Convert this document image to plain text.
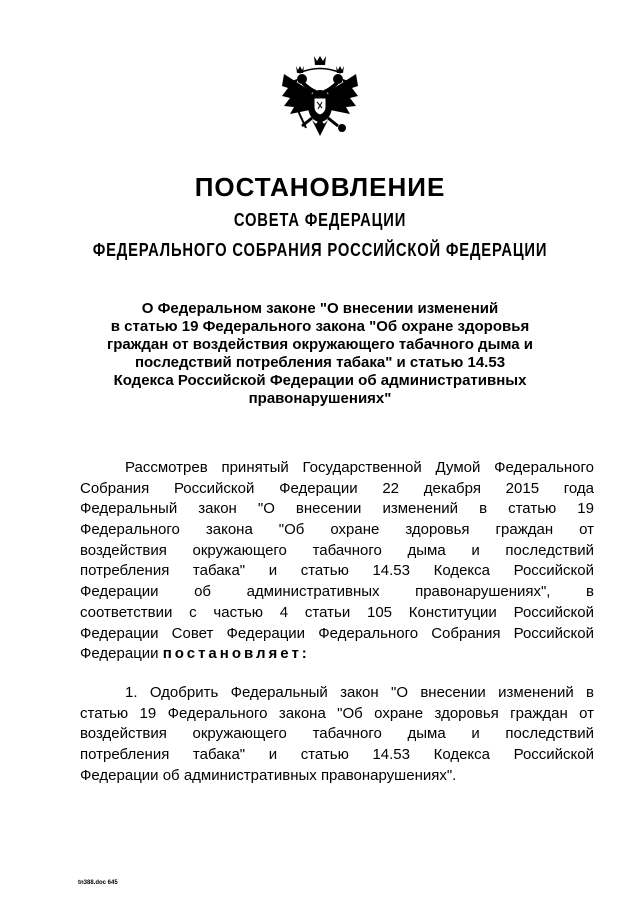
ПОСТАНОВЛЕНИЕ
СОВЕТА ФЕДЕРАЦИИ
ФЕДЕРАЛЬНОГО СОБРАНИЯ РОССИЙСКОЙ ФЕДЕРАЦИИ
О Федеральном законе "О внесении изменений
в статью 19 Федерального закона "Об охране здоровья
граждан от воздействия окружающего табачного дыма и
последствий потребления табака" и статью 14.53
Кодекса Российской Федерации об административных
правонарушениях"
Рассмотрев принятый Государственной Думой Федерального
Собрания Российской Федерации 22 декабря 2015 года
Федеральный закон "О внесении изменений в статью 19
Федерального закона "Об охране здоровья граждан от
воздействия окружающего табачного дыма и последствий
потребления табака" и статью 14.53 Кодекса Российской
Федерации об административных правонарушениях", в
соответствии с частью 4 статьи 105 Конституции Российской
Федерации Совет Федерации Федерального Собрания Российской
Федерации постановляет:
1. Одобрить Федеральный закон "О внесении изменений в
статью 19 Федерального закона "Об охране здоровья граждан от
воздействия окружающего табачного дыма и последствий
потребления табака" и статью 14.53 Кодекса Российской
Федерации об административных правонарушениях".
tn388.doc 645
